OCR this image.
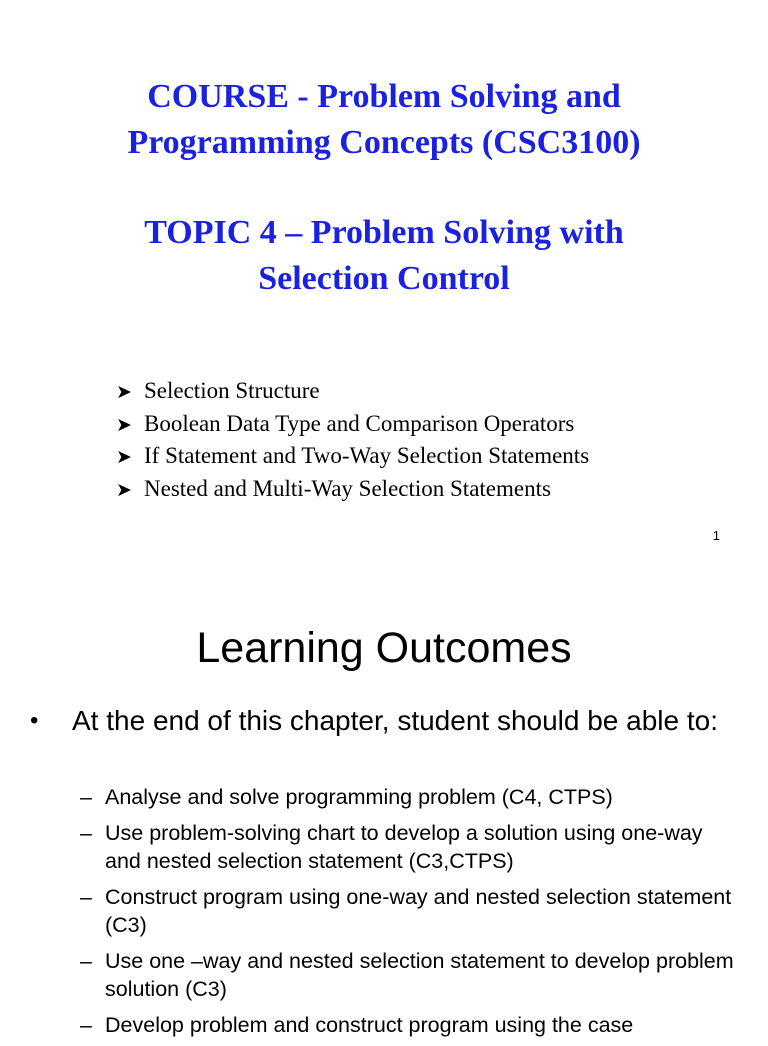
COURSE - Problem Solving and
Programming Concepts (CSC3100)
TOPIC 4 – Problem Solving with
Selection Control
➤ Selection Structure
➤ Boolean Data Type and Comparison Operators
➤ If Statement and Two-Way Selection Statements
➤ Nested and Multi-Way Selection Statements
1
Learning Outcomes
•	At the end of this chapter, student should be able to:
– Analyse and solve programming problem (C4, CTPS)
– Use problem-solving chart to develop a solution using one-way and nested selection statement (C3,CTPS)
– Construct program using one-way and nested selection statement (C3)
– Use one –way and nested selection statement to develop problem solution (C3)
– Develop problem and construct program using the case
